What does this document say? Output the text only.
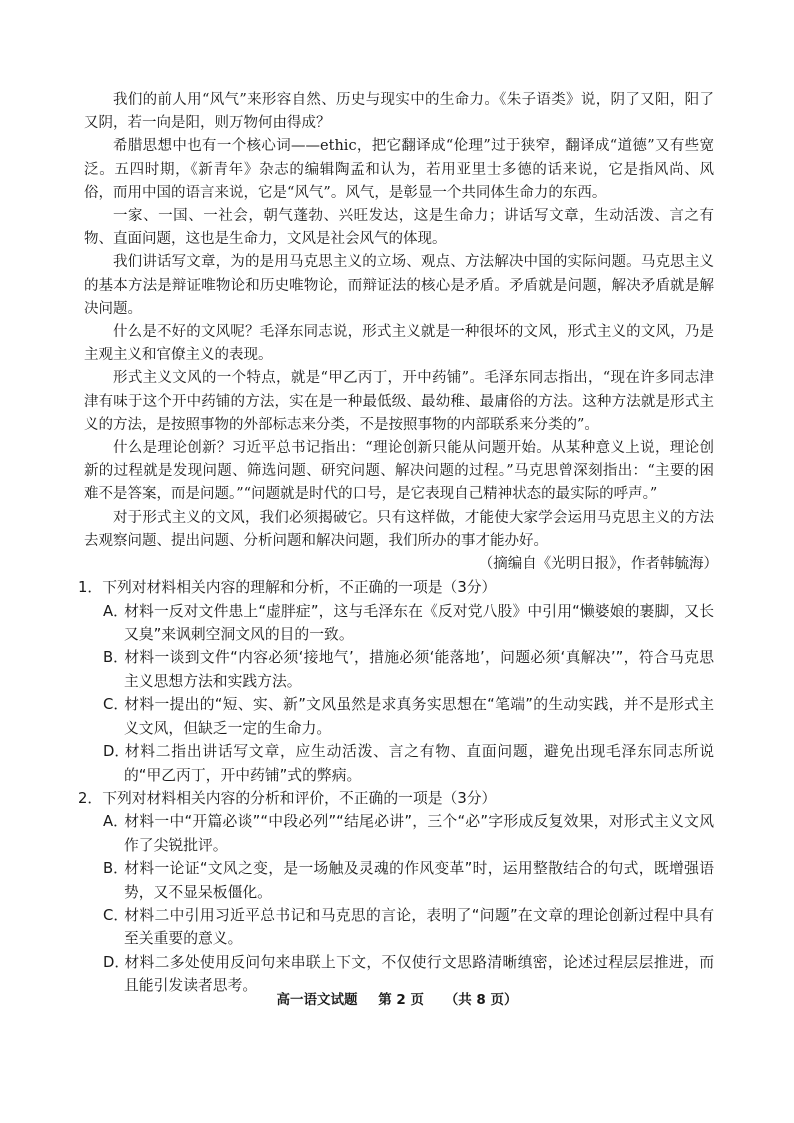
我们的前人用“风气”来形容自然、历史与现实中的生命力。《朱子语类》说，阴了又阳，阳了又阴，若一向是阳，则万物何由得成？

希腊思想中也有一个核心词——ethic，把它翻译成“伦理”过于狭窄，翻译成“道德”又有些宽泛。五四时期，《新青年》杂志的编辑陶孟和认为，若用亚里士多德的话来说，它是指风尚、风俗，而用中国的语言来说，它是“风气”。风气，是彰显一个共同体生命力的东西。

一家、一国、一社会，朝气蓬勃、兴旺发达，这是生命力；讲话写文章，生动活泼、言之有物、直面问题，这也是生命力，文风是社会风气的体现。

我们讲话写文章，为的是用马克思主义的立场、观点、方法解决中国的实际问题。马克思主义的基本方法是辩证唯物论和历史唯物论，而辩证法的核心是矛盾。矛盾就是问题，解决矛盾就是解决问题。

什么是不好的文风呢？毛泽东同志说，形式主义就是一种很坏的文风，形式主义的文风，乃是主观主义和官僚主义的表现。

形式主义文风的一个特点，就是“甲乙丙丁，开中药铺”。毛泽东同志指出，“现在许多同志津津有味于这个开中药铺的方法，实在是一种最低级、最幼稚、最庸俗的方法。这种方法就是形式主义的方法，是按照事物的外部标志来分类，不是按照事物的内部联系来分类的”。

什么是理论创新？习近平总书记指出：“理论创新只能从问题开始。从某种意义上说，理论创新的过程就是发现问题、筛选问题、研究问题、解决问题的过程。”马克思曾深刻指出：“主要的困难不是答案，而是问题。”“问题就是时代的口号，是它表现自己精神状态的最实际的呼声。”

对于形式主义的文风，我们必须揭破它。只有这样做，才能使大家学会运用马克思主义的方法去观察问题、提出问题、分析问题和解决问题，我们所办的事才能办好。

（摘编自《光明日报》，作者韩毓海）

1．下列对材料相关内容的理解和分析，不正确的一项是（3分）

A．材料一反对文件患上“虚胖症”，这与毛泽东在《反对党八股》中引用“懒婆娘的裹脚，又长又臭”来讽刺空洞文风的目的一致。

B．材料一谈到文件“内容必须‘接地气’，措施必须‘能落地’，问题必须‘真解决’”，符合马克思主义思想方法和实践方法。

C．材料一提出的“短、实、新”文风虽然是求真务实思想在“笔端”的生动实践，并不是形式主义文风，但缺乏一定的生命力。

D．材料二指出讲话写文章，应生动活泼、言之有物、直面问题，避免出现毛泽东同志所说的“甲乙丙丁，开中药铺”式的弊病。

2．下列对材料相关内容的分析和评价，不正确的一项是（3分）

A．材料一中“开篇必谈”“中段必列”“结尾必讲”，三个“必”字形成反复效果，对形式主义文风作了尖锐批评。

B．材料一论证“文风之变，是一场触及灵魂的作风变革”时，运用整散结合的句式，既增强语势，又不显呆板僵化。

C．材料二中引用习近平总书记和马克思的言论，表明了“问题”在文章的理论创新过程中具有至关重要的意义。

D．材料二多处使用反问句来串联上下文，不仅使行文思路清晰缜密，论述过程层层推进，而且能引发读者思考。

高一语文试题 第 2 页 （共 8 页）
